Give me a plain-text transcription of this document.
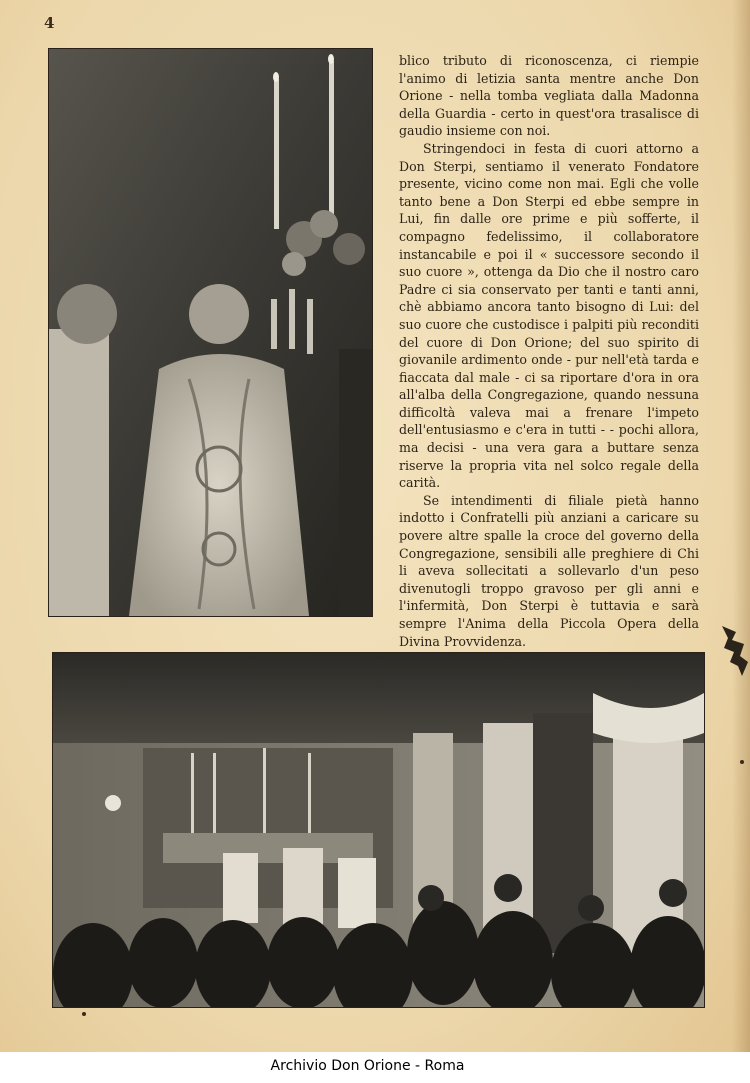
4

blico tributo di riconoscenza, ci riempie l'animo di letizia santa mentre anche Don Orione - nella tomba vegliata dalla Madonna della Guardia - certo in quest'ora trasalisce di gaudio insieme con noi.

Stringendoci in festa di cuori attorno a Don Sterpi, sentiamo il venerato Fondatore presente, vicino come non mai. Egli che volle tanto bene a Don Sterpi ed ebbe sempre in Lui, fin dalle ore prime e più sofferte, il compagno fedelissimo, il collaboratore instancabile e poi il « successore secondo il suo cuore », ottenga da Dio che il nostro caro Padre ci sia conservato per tanti e tanti anni, chè abbiamo ancora tanto bisogno di Lui: del suo cuore che custodisce i palpiti più reconditi del cuore di Don Orione; del suo spirito di giovanile ardimento onde - pur nell'età tarda e fiaccata dal male - ci sa riportare d'ora in ora all'alba della Congregazione, quando nessuna difficoltà valeva mai a frenare l'impeto dell'entusiasmo e c'era in tutti - - pochi allora, ma decisi - una vera gara a buttare senza riserve la propria vita nel solco regale della carità.

Se intendimenti di filiale pietà hanno indotto i Confratelli più anziani a caricare su povere altre spalle la croce del governo della Congregazione, sensibili alle preghiere di Chi li aveva sollecitati a sollevarlo d'un peso divenutogli troppo gravoso per gli anni e l'infermità, Don Sterpi è tuttavia e sarà sempre l'Anima della Piccola Opera della Divina Provvidenza.

Archivio Don Orione - Roma
